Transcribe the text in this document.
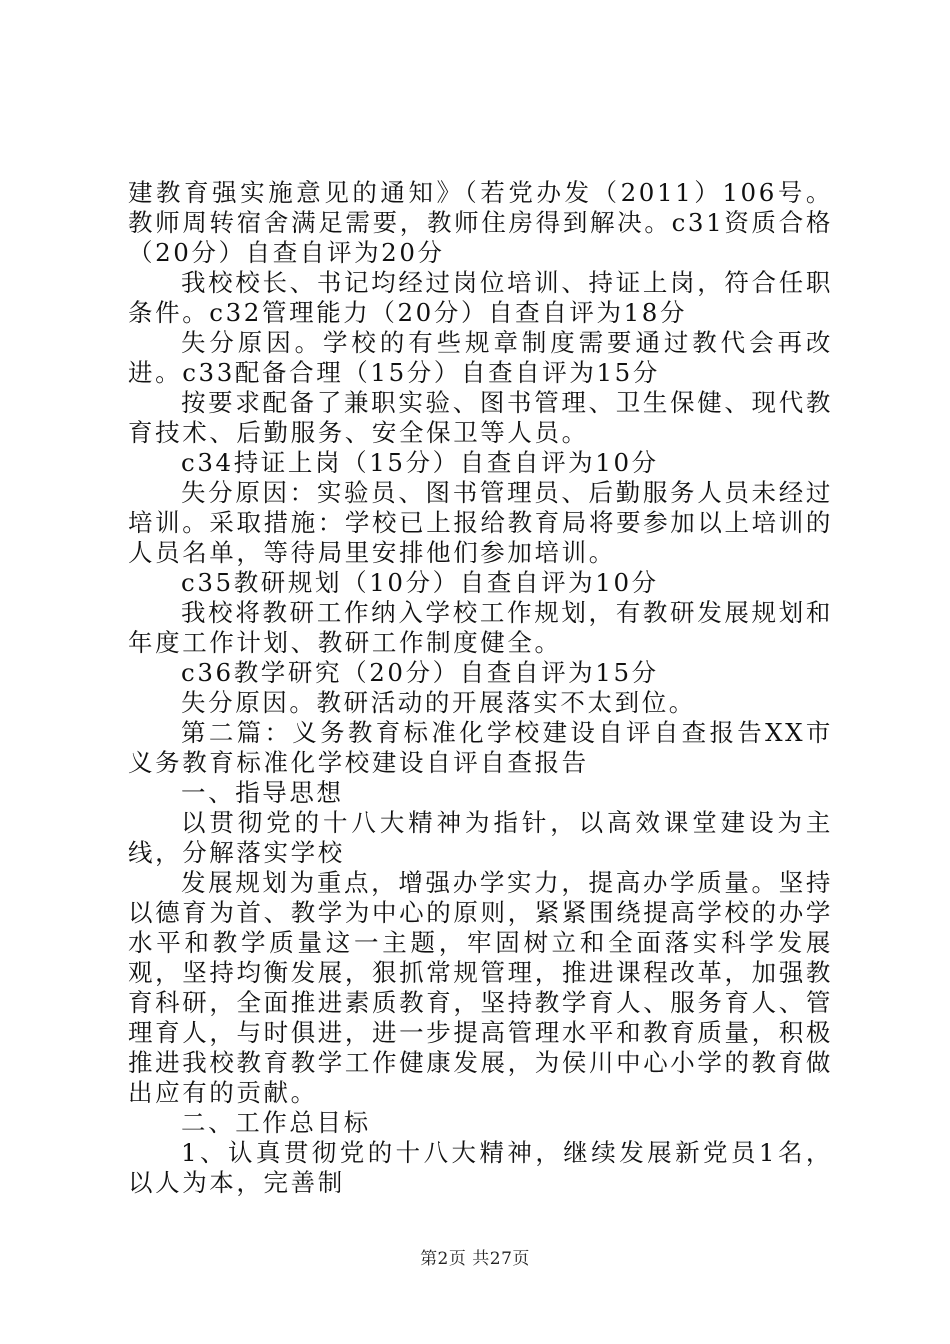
建教育强实施意见的通知》（若党办发（2011）106号。教师周转宿舍满足需要，教师住房得到解决。c31资质合格（20分）自查自评为20分

我校校长、书记均经过岗位培训、持证上岗，符合任职条件。c32管理能力（20分）自查自评为18分

失分原因。学校的有些规章制度需要通过教代会再改进。c33配备合理（15分）自查自评为15分

按要求配备了兼职实验、图书管理、卫生保健、现代教育技术、后勤服务、安全保卫等人员。

c34持证上岗（15分）自查自评为10分

失分原因：实验员、图书管理员、后勤服务人员未经过培训。采取措施：学校已上报给教育局将要参加以上培训的人员名单，等待局里安排他们参加培训。

c35教研规划（10分）自查自评为10分

我校将教研工作纳入学校工作规划，有教研发展规划和年度工作计划、教研工作制度健全。

c36教学研究（20分）自查自评为15分

失分原因。教研活动的开展落实不太到位。

第二篇：义务教育标准化学校建设自评自查报告XX市义务教育标准化学校建设自评自查报告

一、指导思想

以贯彻党的十八大精神为指针，以高效课堂建设为主线，分解落实学校

发展规划为重点，增强办学实力，提高办学质量。坚持以德育为首、教学为中心的原则，紧紧围绕提高学校的办学水平和教学质量这一主题，牢固树立和全面落实科学发展观，坚持均衡发展，狠抓常规管理，推进课程改革，加强教育科研，全面推进素质教育，坚持教学育人、服务育人、管理育人，与时俱进，进一步提高管理水平和教育质量，积极推进我校教育教学工作健康发展，为侯川中心小学的教育做出应有的贡献。

二、工作总目标

1、认真贯彻党的十八大精神，继续发展新党员1名，以人为本，完善制

第2页 共27页
